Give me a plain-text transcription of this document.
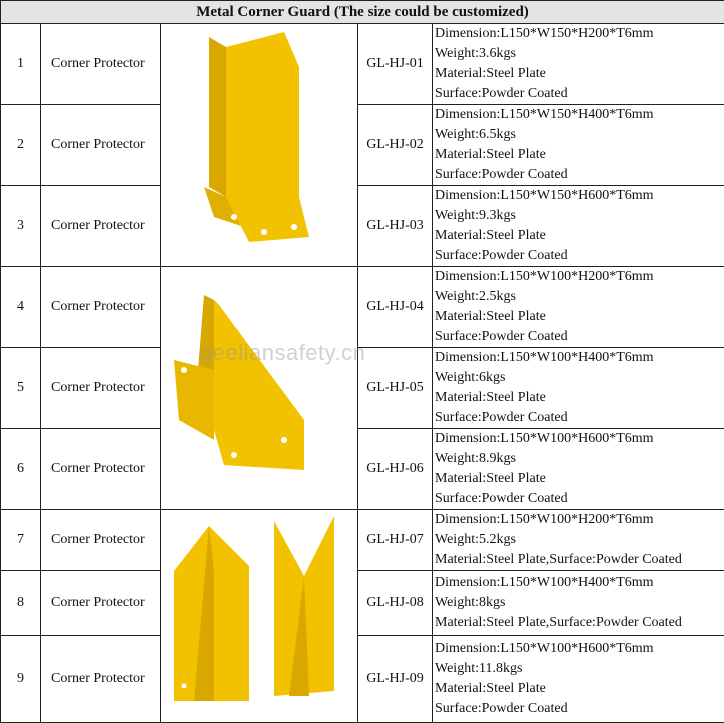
Metal Corner Guard (The size could be customized)				
1	Corner Protector		GL-HJ-01	Dimension:L150*W150*H200*T6mm
Weight:3.6kgs
Material:Steel Plate
Surface:Powder Coated

2	Corner Protector		GL-HJ-02	Dimension:L150*W150*H400*T6mm
Weight:6.5kgs
Material:Steel Plate
Surface:Powder Coated

3	Corner Protector		GL-HJ-03	Dimension:L150*W150*H600*T6mm
Weight:9.3kgs
Material:Steel Plate
Surface:Powder Coated

4	Corner Protector		GL-HJ-04	Dimension:L150*W100*H200*T6mm
Weight:2.5kgs
Material:Steel Plate
Surface:Powder Coated

5	Corner Protector		GL-HJ-05	Dimension:L150*W100*H400*T6mm
Weight:6kgs
Material:Steel Plate
Surface:Powder Coated

6	Corner Protector		GL-HJ-06	Dimension:L150*W100*H600*T6mm
Weight:8.9kgs
Material:Steel Plate
Surface:Powder Coated

7	Corner Protector		GL-HJ-07	Dimension:L150*W100*H200*T6mm
Weight:5.2kgs
Material:Steel Plate,Surface:Powder Coated

8	Corner Protector		GL-HJ-08	Dimension:L150*W100*H400*T6mm
Weight:8kgs
Material:Steel Plate,Surface:Powder Coated

9	Corner Protector		GL-HJ-09	Dimension:L150*W100*H600*T6mm
Weight:11.8kgs
Material:Steel Plate
Surface:Powder Coated
geeliansafety.cn
